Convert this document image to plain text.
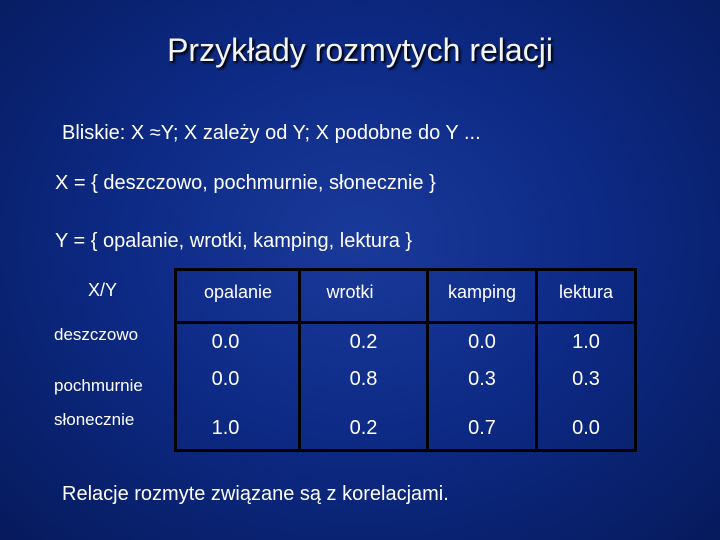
Przykłady rozmytych relacji
Bliskie: X ≈Y; X zależy od Y; X podobne do Y ...
X = { deszczowo, pochmurnie, słonecznie }
Y = { opalanie, wrotki, kamping, lektura }
X/Y	opalanie	wrotki	kamping	lektura
deszczowo	0.0	0.2	0.0	1.0
pochmurnie	0.0	0.8	0.3	0.3
słonecznie	1.0	0.2	0.7	0.0
Relacje rozmyte związane są z korelacjami.
